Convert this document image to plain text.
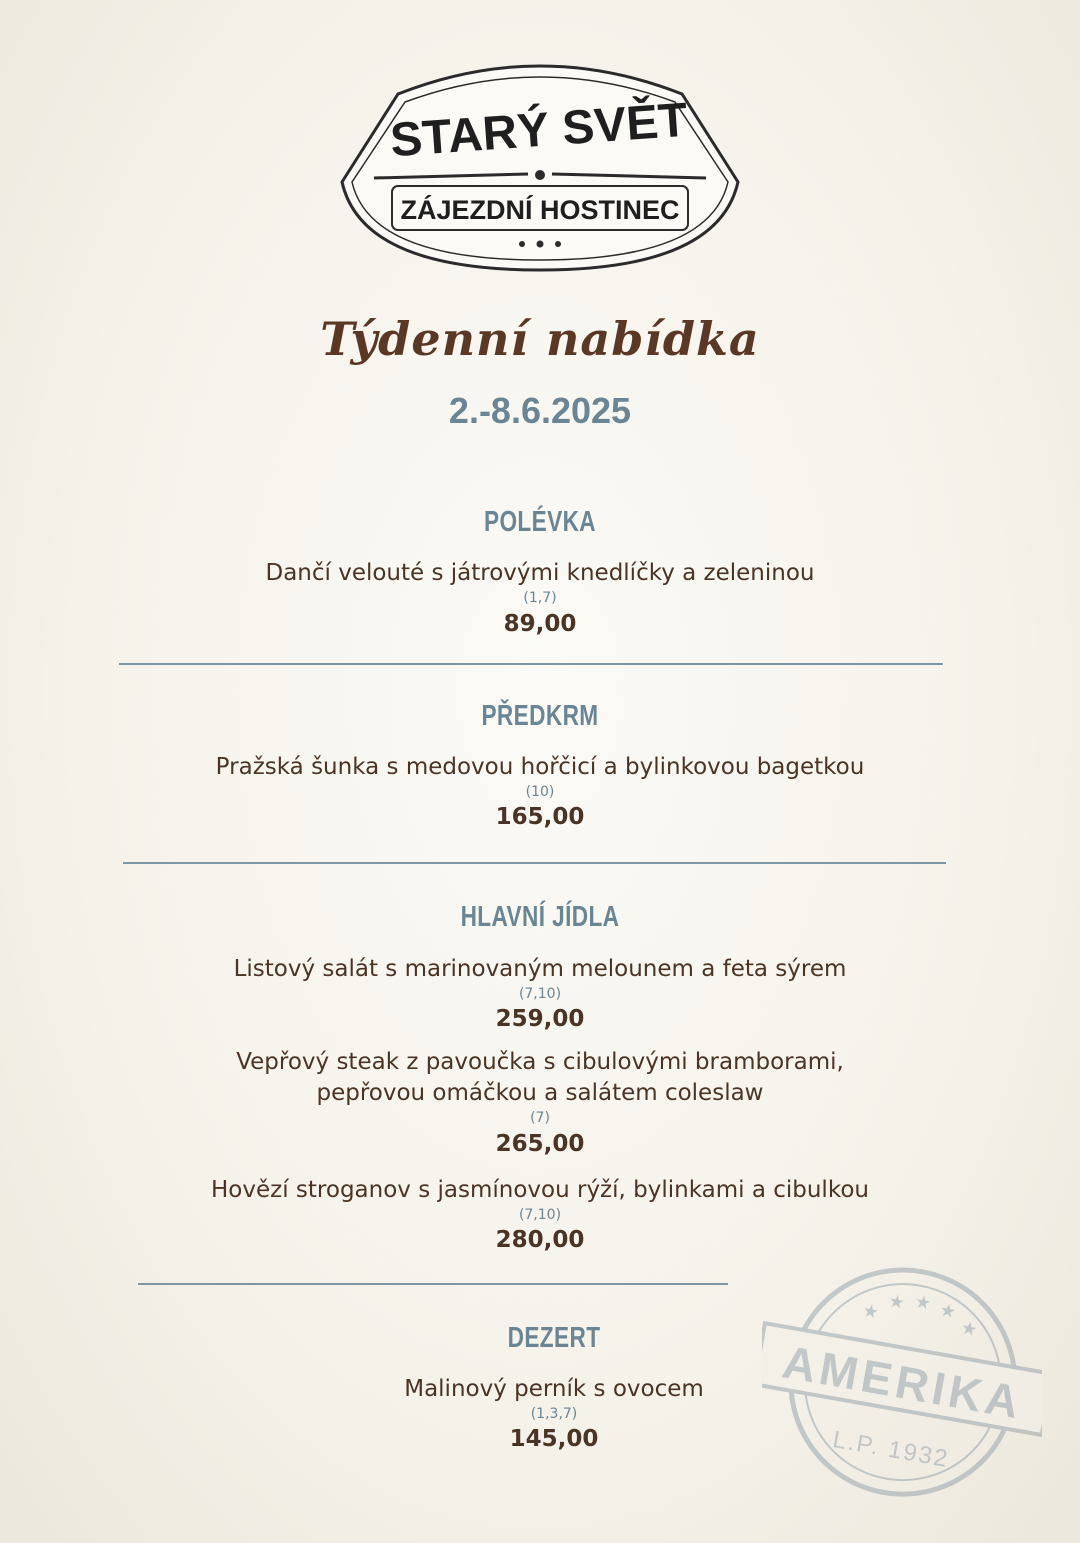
STARÝ SVĚT
ZÁJEZDNÍ HOSTINEC
Týdenní nabídka
2.-8.6.2025
POLÉVKA
Dančí velouté s játrovými knedlíčky a zeleninou
(1,7)
89,00
PŘEDKRM
Pražská šunka s medovou hořčicí a bylinkovou bagetkou
(10)
165,00
HLAVNÍ JÍDLA
Listový salát s marinovaným melounem a feta sýrem
(7,10)
259,00
Vepřový steak z pavoučka s cibulovými bramborami,
pepřovou omáčkou a salátem coleslaw
(7)
265,00
Hovězí stroganov s jasmínovou rýží, bylinkami a cibulkou
(7,10)
280,00
DEZERT
Malinový perník s ovocem
(1,3,7)
145,00
★ ★ ★ ★
★
AMERIKA
L.P. 1932
